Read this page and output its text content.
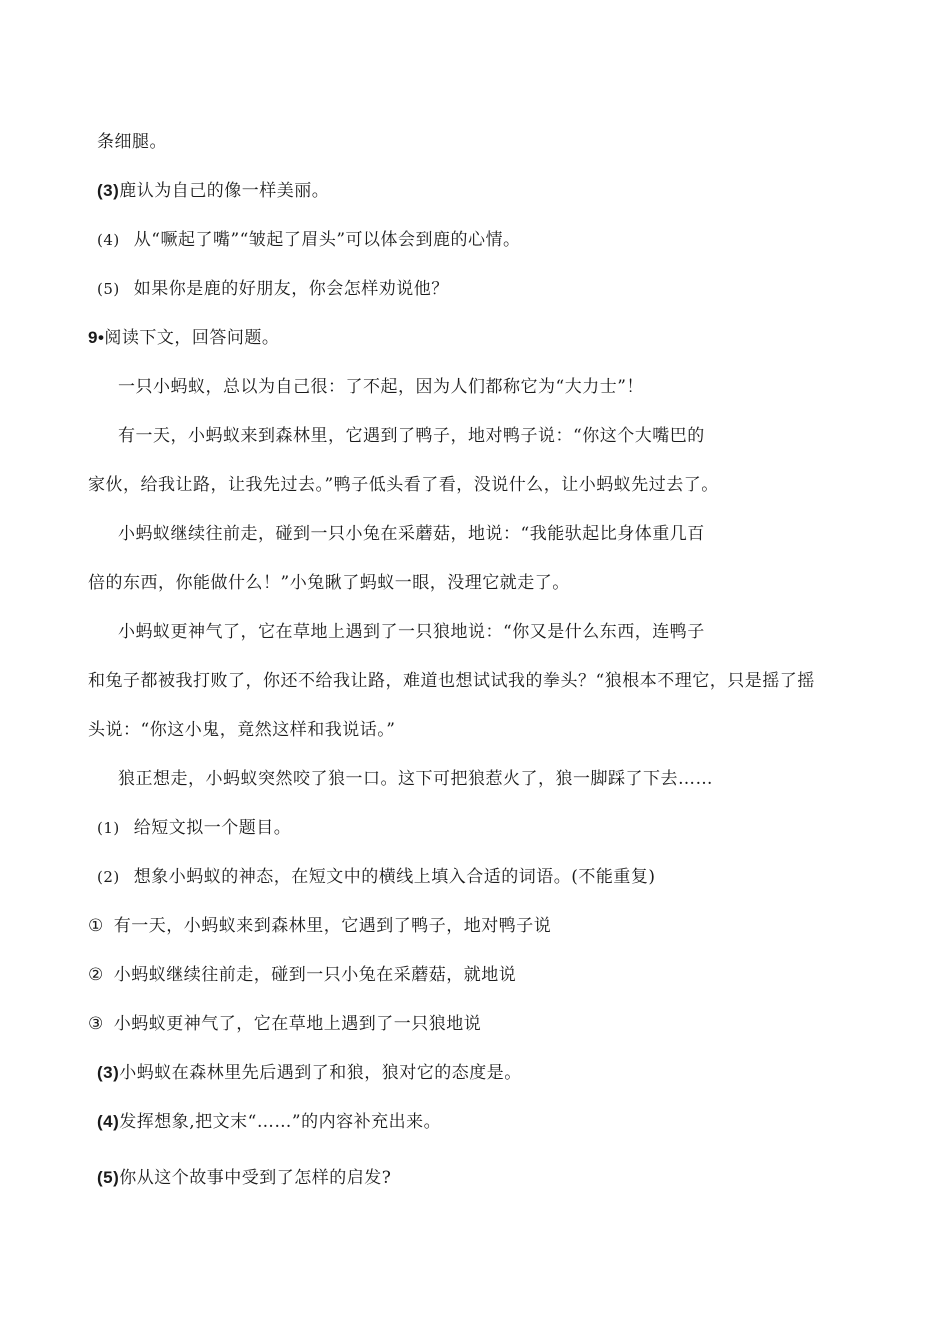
条细腿。
(3)鹿认为自己的像一样美丽。
(4) 从“噘起了嘴”“皱起了眉头”可以体会到鹿的心情。
(5) 如果你是鹿的好朋友，你会怎样劝说他？
9•阅读下文，回答问题。
一只小蚂蚁，总以为自己很：了不起，因为人们都称它为“大力士”！
有一天，小蚂蚁来到森林里，它遇到了鸭子，地对鸭子说：“你这个大嘴巴的
家伙，给我让路，让我先过去。”鸭子低头看了看，没说什么，让小蚂蚁先过去了。
小蚂蚁继续往前走，碰到一只小兔在采蘑菇，地说：“我能驮起比身体重几百
倍的东西，你能做什么！”小兔瞅了蚂蚁一眼，没理它就走了。
小蚂蚁更神气了，它在草地上遇到了一只狼地说：“你又是什么东西，连鸭子
和兔子都被我打败了，你还不给我让路，难道也想试试我的拳头？“狼根本不理它，只是摇了摇
头说：“你这小鬼，竟然这样和我说话。”
狼正想走，小蚂蚁突然咬了狼一口。这下可把狼惹火了，狼一脚踩了下去……
(1) 给短文拟一个题目。
(2) 想象小蚂蚁的神态，在短文中的横线上填入合适的词语。(不能重复)
① 有一天，小蚂蚁来到森林里，它遇到了鸭子，地对鸭子说
② 小蚂蚁继续往前走，碰到一只小兔在采蘑菇，就地说
③ 小蚂蚁更神气了，它在草地上遇到了一只狼地说
(3)小蚂蚁在森林里先后遇到了和狼，狼对它的态度是。
(4)发挥想象,把文末“……”的内容补充出来。
(5)你从这个故事中受到了怎样的启发?
